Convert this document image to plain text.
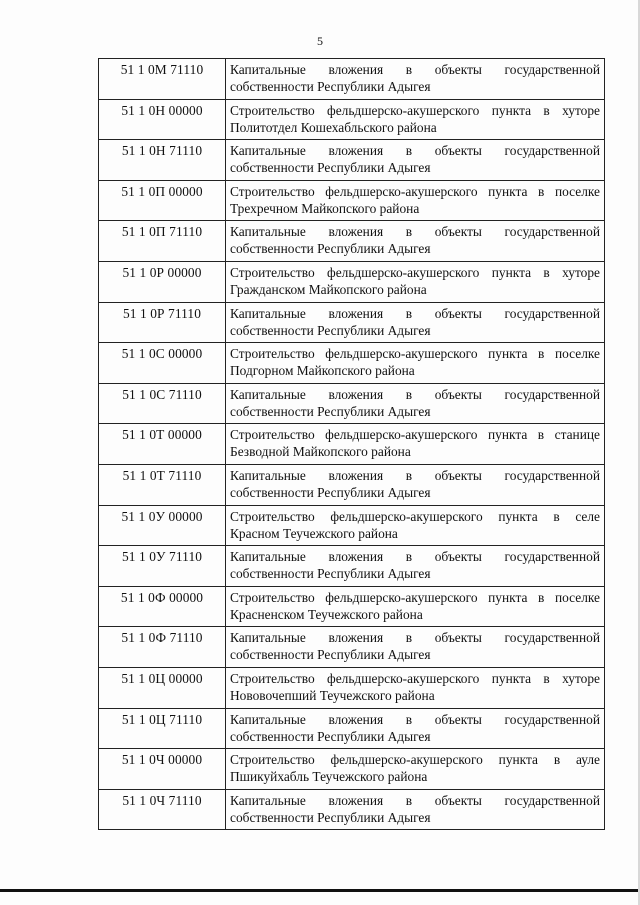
5
51 1 0М 71110	Капитальные вложения в объекты государственной собственности Республики Адыгея
51 1 0Н 00000	Строительство фельдшерско-акушерского пункта в хуторе Политотдел Кошехабльского района
51 1 0Н 71110	Капитальные вложения в объекты государственной собственности Республики Адыгея
51 1 0П 00000	Строительство фельдшерско-акушерского пункта в поселке Трехречном Майкопского района
51 1 0П 71110	Капитальные вложения в объекты государственной собственности Республики Адыгея
51 1 0Р 00000	Строительство фельдшерско-акушерского пункта в хуторе Гражданском Майкопского района
51 1 0Р 71110	Капитальные вложения в объекты государственной собственности Республики Адыгея
51 1 0С 00000	Строительство фельдшерско-акушерского пункта в поселке Подгорном Майкопского района
51 1 0С 71110	Капитальные вложения в объекты государственной собственности Республики Адыгея
51 1 0Т 00000	Строительство фельдшерско-акушерского пункта в станице Безводной Майкопского района
51 1 0Т 71110	Капитальные вложения в объекты государственной собственности Республики Адыгея
51 1 0У 00000	Строительство фельдшерско-акушерского пункта в селе Красном Теучежского района
51 1 0У 71110	Капитальные вложения в объекты государственной собственности Республики Адыгея
51 1 0Ф 00000	Строительство фельдшерско-акушерского пункта в поселке Красненском Теучежского района
51 1 0Ф 71110	Капитальные вложения в объекты государственной собственности Республики Адыгея
51 1 0Ц 00000	Строительство фельдшерско-акушерского пункта в хуторе Нововочепший Теучежского района
51 1 0Ц 71110	Капитальные вложения в объекты государственной собственности Республики Адыгея
51 1 0Ч 00000	Строительство фельдшерско-акушерского пункта в ауле Пшикуйхабль Теучежского района
51 1 0Ч 71110	Капитальные вложения в объекты государственной собственности Республики Адыгея
